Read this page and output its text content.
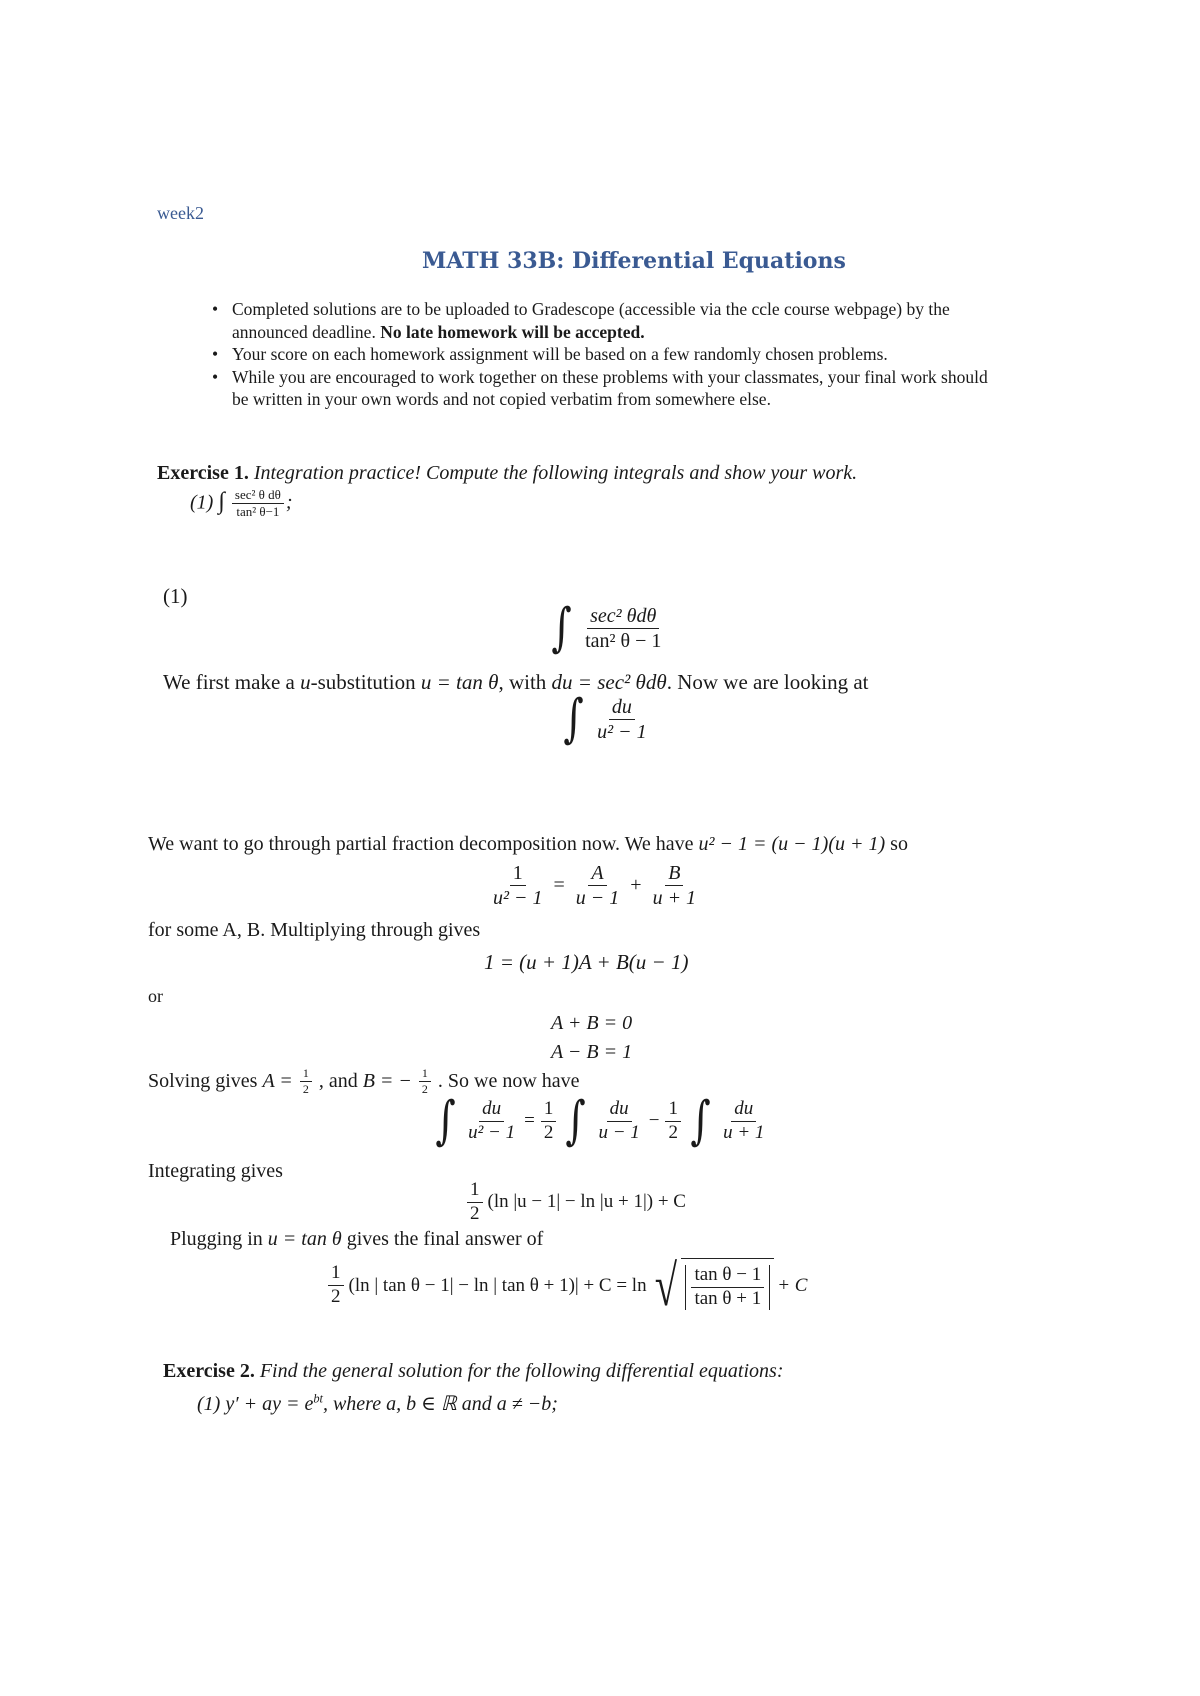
week2
MATH 33B: Differential Equations
• Completed solutions are to be uploaded to Gradescope (accessible via the ccle course webpage) by the
announced deadline. No late homework will be accepted.
• Your score on each homework assignment will be based on a few randomly chosen problems.
• While you are encouraged to work together on these problems with your classmates, your final work should
be written in your own words and not copied verbatim from somewhere else.
Exercise 1. Integration practice! Compute the following integrals and show your work.
(1) ∫ $\frac{\text{sec² θ dθ}}{\text{tan² θ−1}}$ ;
(1)
∫ $\frac{\text{sec² θdθ}}{\text{tan² θ − 1}}$
We first make a u-substitution u = tan θ, with du = sec² θdθ. Now we are looking at
∫ $\frac{du}{\text{u² − 1}}$
We want to go through partial fraction decomposition now. We have u² − 1 = (u − 1)(u + 1) so
$\frac{1}{\text{u² − 1}} = \frac{A}{u - 1} + \frac{B}{u + 1}$
for some A, B. Multiplying through gives
1 = (u + 1)A + B(u − 1)
or
A + B = 0
A − B = 1
Solving gives $A = \frac{1}{2}$ , and B = − $\frac{1}{2}$ . So we now have
∫ $\frac{du}{\text{u² − 1}} = \frac{1}{2}$ ∫ $\frac{du}{u - 1} - \frac{1}{2}$ ∫ $\frac{du}{u + 1}$
Integrating gives
$\frac{1}{2} (\ln$ |u − 1| − ln |u + 1|) + C
Plugging in u = tan θ gives the final answer of
$\frac{1}{2} (\ln$ | tan θ − 1| − ln | tan θ + 1)| + C = ln √ $\frac{\text{tan θ − 1}}{\text{tan θ + 1}} + C$
Exercise 2. Find the general solution for the following differential equations:
(1) y′ + ay = $e^{bt}$, where a, b ∈ ℝ and a ≠ −b;
